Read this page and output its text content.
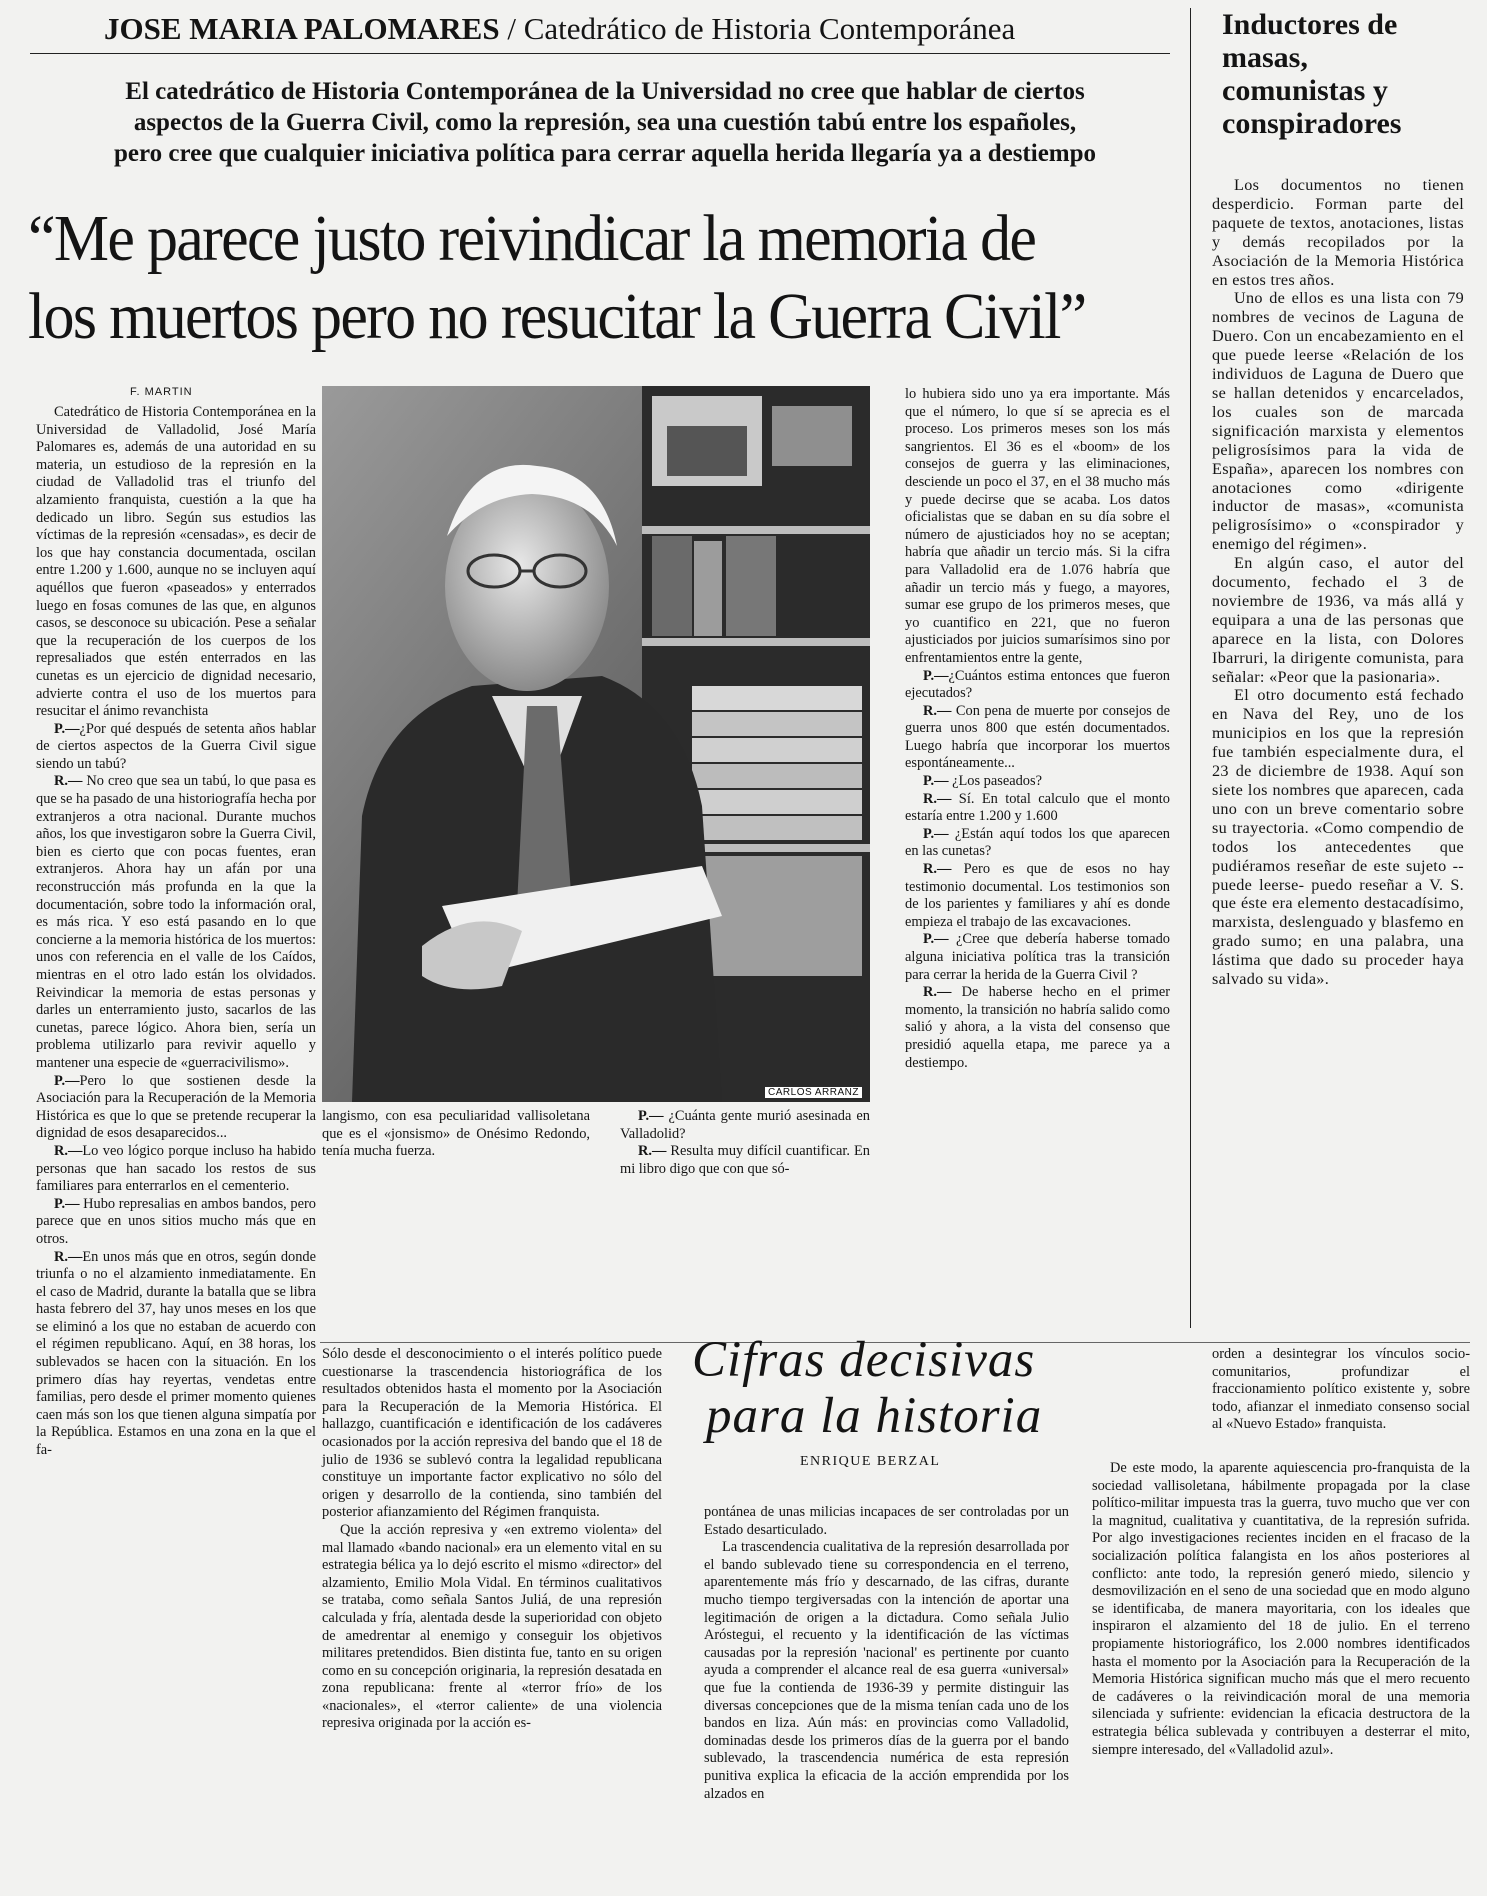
JOSE MARIA PALOMARES / Catedrático de Historia Contemporánea
El catedrático de Historia Contemporánea de la Universidad no cree que hablar de ciertos
aspectos de la Guerra Civil, como la represión, sea una cuestión tabú entre los españoles,
pero cree que cualquier iniciativa política para cerrar aquella herida llegaría ya a destiempo
“Me parece justo reivindicar la memoria de
los muertos pero no resucitar la Guerra Civil”
F. MARTIN

Catedrático de Historia Contemporánea en la Universidad de Valladolid, José María Palomares es, además de una autoridad en su materia, un estudioso de la represión en la ciudad de Valladolid tras el triunfo del alzamiento franquista, cuestión a la que ha dedicado un libro. Según sus estudios las víctimas de la represión «censadas», es decir de los que hay constancia documentada, oscilan entre 1.200 y 1.600, aunque no se incluyen aquí aquéllos que fueron «paseados» y enterrados luego en fosas comunes de las que, en algunos casos, se desconoce su ubicación. Pese a señalar que la recuperación de los cuerpos de los represaliados que estén enterrados en las cunetas es un ejercicio de dignidad necesario, advierte contra el uso de los muertos para resucitar el ánimo revanchista

P.—¿Por qué después de setenta años hablar de ciertos aspectos de la Guerra Civil sigue siendo un tabú?

R.— No creo que sea un tabú, lo que pasa es que se ha pasado de una historiografía hecha por extranjeros a otra nacional. Durante muchos años, los que investigaron sobre la Guerra Civil, bien es cierto que con pocas fuentes, eran extranjeros. Ahora hay un afán por una reconstrucción más profunda en la que la documentación, sobre todo la información oral, es más rica. Y eso está pasando en lo que concierne a la memoria histórica de los muertos: unos con referencia en el valle de los Caídos, mientras en el otro lado están los olvidados. Reivindicar la memoria de estas personas y darles un enterramiento justo, sacarlos de las cunetas, parece lógico. Ahora bien, sería un problema utilizarlo para revivir aquello y mantener una especie de «guerracivilismo».

P.—Pero lo que sostienen desde la Asociación para la Recuperación de la Memoria Histórica es que lo que se pretende recuperar la dignidad de esos desaparecidos...

R.—Lo veo lógico porque incluso ha habido personas que han sacado los restos de sus familiares para enterrarlos en el cementerio.

P.— Hubo represalias en ambos bandos, pero parece que en unos sitios mucho más que en otros.

R.—En unos más que en otros, según donde triunfa o no el alzamiento inmediatamente. En el caso de Madrid, durante la batalla que se libra hasta febrero del 37, hay unos meses en los que se eliminó a los que no estaban de acuerdo con el régimen republicano. Aquí, en 38 horas, los sublevados se hacen con la situación. En los primero días hay reyertas, vendetas entre familias, pero desde el primer momento quienes caen más son los que tienen alguna simpatía por la República. Estamos en una zona en la que el fa-

CARLOS ARRANZ

langismo, con esa peculiaridad vallisoletana que es el «jonsismo» de Onésimo Redondo, tenía mucha fuerza.

P.— ¿Cuánta gente murió asesinada en Valladolid?

R.— Resulta muy difícil cuantificar. En mi libro digo que con que só-

lo hubiera sido uno ya era importante. Más que el número, lo que sí se aprecia es el proceso. Los primeros meses son los más sangrientos. El 36 es el «boom» de los consejos de guerra y las eliminaciones, desciende un poco el 37, en el 38 mucho más y puede decirse que se acaba. Los datos oficialistas que se daban en su día sobre el número de ajusticiados hoy no se aceptan; habría que añadir un tercio más. Si la cifra para Valladolid era de 1.076 habría que añadir un tercio más y fuego, a mayores, sumar ese grupo de los primeros meses, que yo cuantifico en 221, que no fueron ajusticiados por juicios sumarísimos sino por enfrentamientos entre la gente,

P.—¿Cuántos estima entonces que fueron ejecutados?

R.— Con pena de muerte por consejos de guerra unos 800 que estén documentados. Luego habría que incorporar los muertos espontáneamente...

P.— ¿Los paseados?

R.— Sí. En total calculo que el monto estaría entre 1.200 y 1.600

P.— ¿Están aquí todos los que aparecen en las cunetas?

R.— Pero es que de esos no hay testimonio documental. Los testimonios son de los parientes y familiares y ahí es donde empieza el trabajo de las excavaciones.

P.— ¿Cree que debería haberse tomado alguna iniciativa política tras la transición para cerrar la herida de la Guerra Civil ?

R.— De haberse hecho en el primer momento, la transición no habría salido como salió y ahora, a la vista del consenso que presidió aquella etapa, me parece ya a destiempo.

Inductores de
masas,
comunistas y
conspiradores

Los documentos no tienen desperdicio. Forman parte del paquete de textos, anotaciones, listas y demás recopilados por la Asociación de la Memoria Histórica en estos tres años.

Uno de ellos es una lista con 79 nombres de vecinos de Laguna de Duero. Con un encabezamiento en el que puede leerse «Relación de los individuos de Laguna de Duero que se hallan detenidos y encarcelados, los cuales son de marcada significación marxista y elementos peligrosísimos para la vida de España», aparecen los nombres con anotaciones como «dirigente inductor de masas», «comunista peligrosísimo» o «conspirador y enemigo del régimen».

En algún caso, el autor del documento, fechado el 3 de noviembre de 1936, va más allá y equipara a una de las personas que aparece en la lista, con Dolores Ibarruri, la dirigente comunista, para señalar: «Peor que la pasionaria».

El otro documento está fechado en Nava del Rey, uno de los municipios en los que la represión fue también especialmente dura, el 23 de diciembre de 1938. Aquí son siete los nombres que aparecen, cada uno con un breve comentario sobre su trayectoria. «Como compendio de todos los antecedentes que pudiéramos reseñar de este sujeto --puede leerse- puedo reseñar a V. S. que éste era elemento destacadísimo, marxista, deslenguado y blasfemo en grado sumo; en una palabra, una lástima que dado su proceder haya salvado su vida».

Cifras decisivas
para la historia
ENRIQUE BERZAL

Sólo desde el desconocimiento o el interés político puede cuestionarse la trascendencia historiográfica de los resultados obtenidos hasta el momento por la Asociación para la Recuperación de la Memoria Histórica. El hallazgo, cuantificación e identificación de los cadáveres ocasionados por la acción represiva del bando que el 18 de julio de 1936 se sublevó contra la legalidad republicana constituye un importante factor explicativo no sólo del origen y desarrollo de la contienda, sino también del posterior afianzamiento del Régimen franquista.

Que la acción represiva y «en extremo violenta» del mal llamado «bando nacional» era un elemento vital en su estrategia bélica ya lo dejó escrito el mismo «director» del alzamiento, Emilio Mola Vidal. En términos cualitativos se trataba, como señala Santos Juliá, de una represión calculada y fría, alentada desde la superioridad con objeto de amedrentar al enemigo y conseguir los objetivos militares pretendidos. Bien distinta fue, tanto en su origen como en su concepción originaria, la represión desatada en zona republicana: frente al «terror frío» de los «nacionales», el «terror caliente» de una violencia represiva originada por la acción es-

pontánea de unas milicias incapaces de ser controladas por un Estado desarticulado.

La trascendencia cualitativa de la represión desarrollada por el bando sublevado tiene su correspondencia en el terreno, aparentemente más frío y descarnado, de las cifras, durante mucho tiempo tergiversadas con la intención de aportar una legitimación de origen a la dictadura. Como señala Julio Aróstegui, el recuento y la identificación de las víctimas causadas por la represión 'nacional' es pertinente por cuanto ayuda a comprender el alcance real de esa guerra «universal» que fue la contienda de 1936-39 y permite distinguir las diversas concepciones que de la misma tenían cada uno de los bandos en liza. Aún más: en provincias como Valladolid, dominadas desde los primeros días de la guerra por el bando sublevado, la trascendencia numérica de esta represión punitiva explica la eficacia de la acción emprendida por los alzados en

orden a desintegrar los vínculos socio-comunitarios, profundizar el fraccionamiento político existente y, sobre todo, afianzar el inmediato consenso social al «Nuevo Estado» franquista.

De este modo, la aparente aquiescencia pro-franquista de la sociedad vallisoletana, hábilmente propagada por la clase político-militar impuesta tras la guerra, tuvo mucho que ver con la magnitud, cualitativa y cuantitativa, de la represión sufrida. Por algo investigaciones recientes inciden en el fracaso de la socialización política falangista en los años posteriores al conflicto: ante todo, la represión generó miedo, silencio y desmovilización en el seno de una sociedad que en modo alguno se identificaba, de manera mayoritaria, con los ideales que inspiraron el alzamiento del 18 de julio. En el terreno propiamente historiográfico, los 2.000 nombres identificados hasta el momento por la Asociación para la Recuperación de la Memoria Histórica significan mucho más que el mero recuento de cadáveres o la reivindicación moral de una memoria silenciada y sufriente: evidencian la eficacia destructora de la estrategia bélica sublevada y contribuyen a desterrar el mito, siempre interesado, del «Valladolid azul».
